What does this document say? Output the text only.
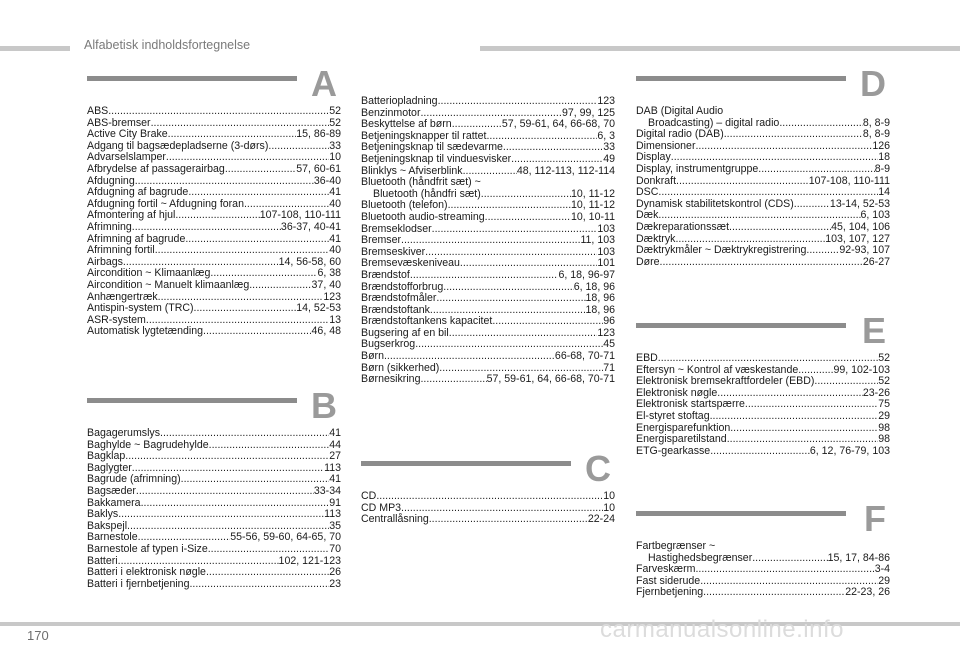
Alfabetisk indholdsfortegnelse
A
ABS .....	52
ABS-bremser .....	52
Active City Brake .....	15, 86-89
Adgang til bagsædepladserne (3-dørs) .....	33
Advarselslamper .....	10
Afbrydelse af passagerairbag .....	57, 60-61
Afdugning .....	36-40
Afdugning af bagrude .....	41
Afdugning fortil ~ Afdugning foran .....	40
Afmontering af hjul .....	107-108, 110-111
Afrimning .....	36-37, 40-41
Afrimning af bagrude .....	41
Afrimning fortil .....	40
Airbags .....	14, 56-58, 60
Aircondition ~ Klimaanlæg .....	6, 38
Aircondition ~ Manuelt klimaanlæg .....	37, 40
Anhængertræk .....	123
Antispin-system (TRC) .....	14, 52-53
ASR-system .....	13
Automatisk lygtetænding .....	46, 48
B
Bagagerumslys .....	41
Baghylde ~ Bagrudehylde .....	44
Bagklap .....	27
Baglygter .....	113
Bagrude (afrimning) .....	41
Bagsæder .....	33-34
Bakkamera .....	91
Baklys .....	113
Bakspejl .....	35
Barnestole .....	55-56, 59-60, 64-65, 70
Barnestole af typen i-Size .....	70
Batteri .....	102, 121-123
Batteri i elektronisk nøgle .....	26
Batteri i fjernbetjening .....	23
Batteriopladning .....	123
Benzinmotor .....	97, 99, 125
Beskyttelse af børn .....	57, 59-61, 64, 66-68, 70
Betjeningsknapper til rattet .....	6, 3
Betjeningsknap til sædevarme .....	33
Betjeningsknap til vinduesvisker .....	49
Blinklys ~ Afviserblink .....	48, 112-113, 112-114
Bluetooth (håndfrit sæt) ~
Bluetooth (håndfri sæt) .....	10, 11-12
Bluetooth (telefon) .....	10, 11-12
Bluetooth audio-streaming .....	10, 10-11
Bremseklodser .....	103
Bremser .....	11, 103
Bremseskiver .....	103
Bremsevæskeniveau .....	101
Brændstof .....	6, 18, 96-97
Brændstofforbrug .....	6, 18, 96
Brændstofmåler .....	18, 96
Brændstoftank .....	18, 96
Brændstoftankens kapacitet .....	96
Bugsering af en bil .....	123
Bugserkrog .....	45
Børn .....	66-68, 70-71
Børn (sikkerhed) .....	71
Børnesikring .....	57, 59-61, 64, 66-68, 70-71
C
CD .....	10
CD MP3 .....	10
Centrallåsning .....	22-24
D
DAB (Digital Audio
Broadcasting) – digital radio .....	8, 8-9
Digital radio (DAB) .....	8, 8-9
Dimensioner .....	126
Display .....	18
Display, instrumentgruppe .....	8-9
Donkraft .....	107-108, 110-111
DSC .....	14
Dynamisk stabilitetskontrol (CDS) .....	13-14, 52-53
Dæk .....	6, 103
Dækreparationssæt .....	45, 104, 106
Dæktryk .....	103, 107, 127
Dæktrykmåler ~ Dæktrykregistrering .....	92-93, 107
Døre .....	26-27
E
EBD .....	52
Eftersyn ~ Kontrol af væskestande .....	99, 102-103
Elektronisk bremsekraftfordeler (EBD) .....	52
Elektronisk nøgle .....	23-26
Elektronisk startspærre .....	75
El-styret stoftag .....	29
Energisparefunktion .....	98
Energisparetilstand .....	98
ETG-gearkasse .....	6, 12, 76-79, 103
F
Fartbegrænser ~
Hastighedsbegrænser .....	15, 17, 84-86
Farveskærm .....	3-4
Fast siderude .....	29
Fjernbetjening .....	22-23, 26
170	carmanualsonline.info
